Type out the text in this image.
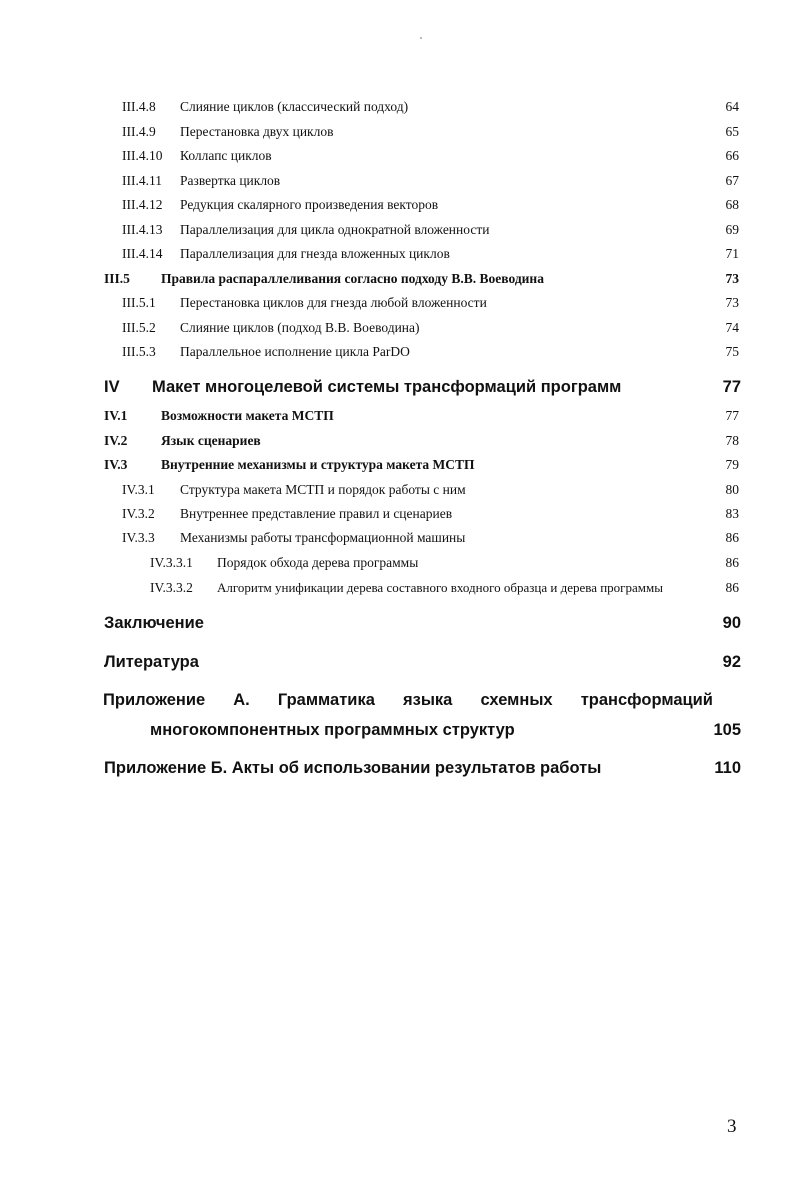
III.4.8 Слияние циклов (классический подход)	64
III.4.9 Перестановка двух циклов	65
III.4.10 Коллапс циклов	66
III.4.11 Развертка циклов	67
III.4.12 Редукция скалярного произведения векторов	68
III.4.13 Параллелизация для цикла однократной вложенности	69
III.4.14 Параллелизация для гнезда вложенных циклов	71
III.5 Правила распараллеливания согласно подходу В.В. Воеводина	73
III.5.1 Перестановка циклов для гнезда любой вложенности	73
III.5.2 Слияние циклов (подход В.В. Воеводина)	74
III.5.3 Параллельное исполнение цикла ParDO	75
IV Макет многоцелевой системы трансформаций программ	77
IV.1 Возможности макета МСТП	77
IV.2 Язык сценариев	78
IV.3 Внутренние механизмы и структура макета МСТП	79
IV.3.1 Структура макета МСТП и порядок работы с ним	80
IV.3.2 Внутреннее представление правил и сценариев	83
IV.3.3 Механизмы работы трансформационной машины	86
IV.3.3.1 Порядок обхода дерева программы	86
IV.3.3.2 Алгоритм унификации дерева составного входного образца и дерева программы	86
Заключение	90
Литература	92
Приложение А. Грамматика языка схемных трансформаций
многокомпонентных программных структур	105
Приложение Б. Акты об использовании результатов работы	110
3
